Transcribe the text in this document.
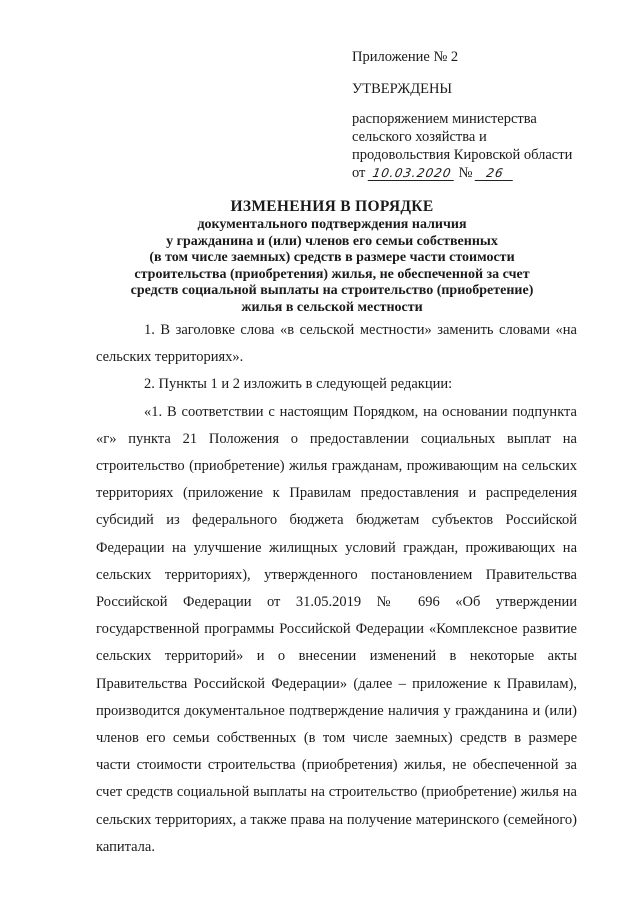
Приложение № 2

УТВЕРЖДЕНЫ

распоряжением министерства
сельского хозяйства и
продовольствия Кировской области

от 10.03.2020 № 26

ИЗМЕНЕНИЯ В ПОРЯДКЕ
документального подтверждения наличия
у гражданина и (или) членов его семьи собственных
(в том числе заемных) средств в размере части стоимости
строительства (приобретения) жилья, не обеспеченной за счет
средств социальной выплаты на строительство (приобретение)
жилья в сельской местности

1. В заголовке слова «в сельской местности» заменить словами «на сельских территориях».

2. Пункты 1 и 2 изложить в следующей редакции:

«1. В соответствии с настоящим Порядком, на основании подпункта «г» пункта 21 Положения о предоставлении социальных выплат на строительство (приобретение) жилья гражданам, проживающим на сельских территориях (приложение к Правилам предоставления и распределения субсидий из федерального бюджета бюджетам субъектов Российской Федерации на улучшение жилищных условий граждан, проживающих на сельских территориях), утвержденного постановлением Правительства Российской Федерации от 31.05.2019 № 696 «Об утверждении государственной программы Российской Федерации «Комплексное развитие сельских территорий» и о внесении изменений в некоторые акты Правительства Российской Федерации» (далее – приложение к Правилам), производится документальное подтверждение наличия у гражданина и (или) членов его семьи собственных (в том числе заемных) средств в размере части стоимости строительства (приобретения) жилья, не обеспеченной за счет средств социальной выплаты на строительство (приобретение) жилья на сельских территориях, а также права на получение материнского (семейного) капитала.
